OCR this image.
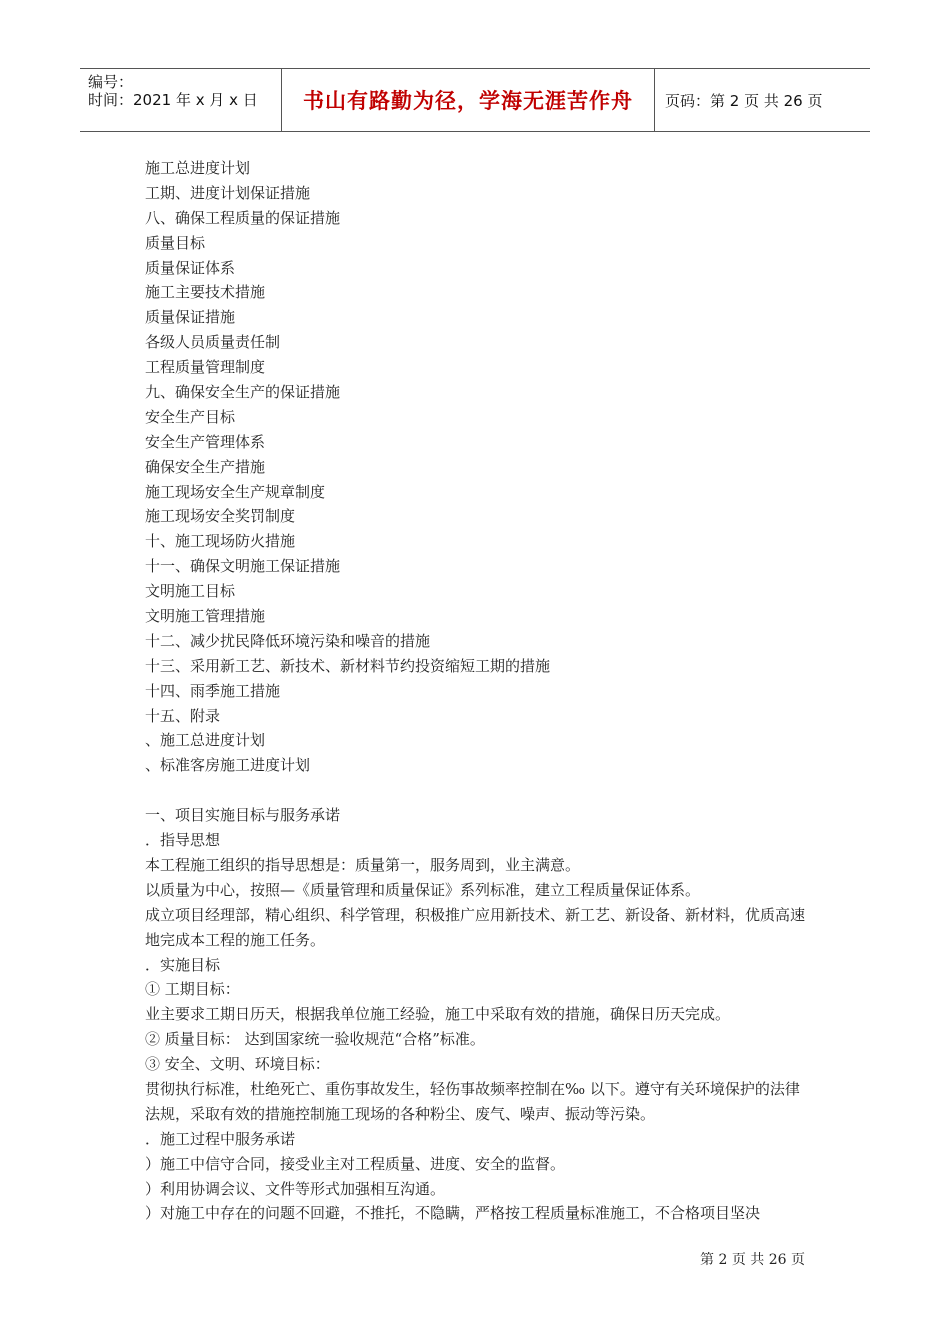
编号：
时间：2021 年 x 月 x 日	书山有路勤为径，学海无涯苦作舟	页码：第 2 页 共 26 页
施工总进度计划
工期、进度计划保证措施
八、确保工程质量的保证措施
质量目标
质量保证体系
施工主要技术措施
质量保证措施
各级人员质量责任制
工程质量管理制度
九、确保安全生产的保证措施
安全生产目标
安全生产管理体系
确保安全生产措施
施工现场安全生产规章制度
施工现场安全奖罚制度
十、施工现场防火措施
十一、确保文明施工保证措施
文明施工目标
文明施工管理措施
十二、减少扰民降低环境污染和噪音的措施
十三、采用新工艺、新技术、新材料节约投资缩短工期的措施
十四、雨季施工措施
十五、附录
、施工总进度计划
、标准客房施工进度计划
一、项目实施目标与服务承诺
．指导思想
本工程施工组织的指导思想是：质量第一，服务周到，业主满意。
以质量为中心，按照—《质量管理和质量保证》系列标准，建立工程质量保证体系。
成立项目经理部，精心组织、科学管理，积极推广应用新技术、新工艺、新设备、新材料，优质高速地完成本工程的施工任务。
．实施目标
① 工期目标：
业主要求工期日历天，根据我单位施工经验，施工中采取有效的措施，确保日历天完成。
② 质量目标： 达到国家统一验收规范“合格”标准。
③ 安全、文明、环境目标：
贯彻执行标准，杜绝死亡、重伤事故发生，轻伤事故频率控制在‰ 以下。遵守有关环境保护的法律法规，采取有效的措施控制施工现场的各种粉尘、废气、噪声、振动等污染。
．施工过程中服务承诺
）施工中信守合同，接受业主对工程质量、进度、安全的监督。
）利用协调会议、文件等形式加强相互沟通。
）对施工中存在的问题不回避，不推托，不隐瞒，严格按工程质量标准施工，不合格项目坚决
第 2 页 共 26 页
